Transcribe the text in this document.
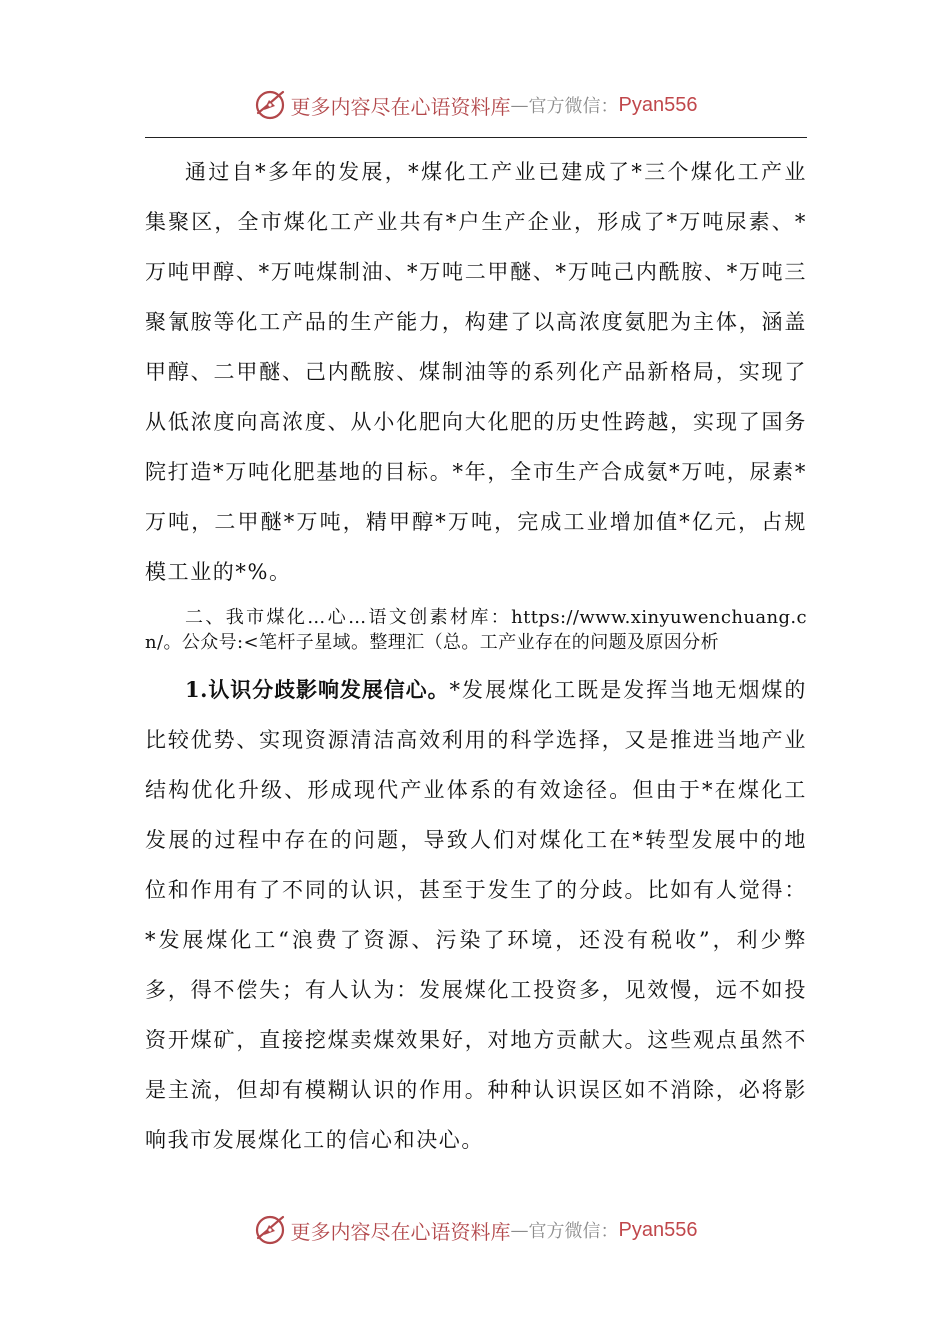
更多内容尽在心语资料库 — 官方微信： Pyan556

通过自*多年的发展，*煤化工产业已建成了*三个煤化工产业集聚区，全市煤化工产业共有*户生产企业，形成了*万吨尿素、*万吨甲醇、*万吨煤制油、*万吨二甲醚、*万吨己内酰胺、*万吨三聚氰胺等化工产品的生产能力，构建了以高浓度氨肥为主体，涵盖甲醇、二甲醚、己内酰胺、煤制油等的系列化产品新格局，实现了从低浓度向高浓度、从小化肥向大化肥的历史性跨越，实现了国务院打造*万吨化肥基地的目标。*年，全市生产合成氨*万吨，尿素*万吨，二甲醚*万吨，精甲醇*万吨，完成工业增加值*亿元，占规模工业的*%。

二、我市煤化…心…语文创素材库：https://www.xinyuwenchuang.cn/。公众号:<笔杆子星域。整理汇（总。工产业存在的问题及原因分析

1.认识分歧影响发展信心。*发展煤化工既是发挥当地无烟煤的比较优势、实现资源清洁高效利用的科学选择，又是推进当地产业结构优化升级、形成现代产业体系的有效途径。但由于*在煤化工发展的过程中存在的问题，导致人们对煤化工在*转型发展中的地位和作用有了不同的认识，甚至于发生了的分歧。比如有人觉得：*发展煤化工“浪费了资源、污染了环境，还没有税收”，利少弊多，得不偿失；有人认为：发展煤化工投资多，见效慢，远不如投资开煤矿，直接挖煤卖煤效果好，对地方贡献大。这些观点虽然不是主流，但却有模糊认识的作用。种种认识误区如不消除，必将影响我市发展煤化工的信心和决心。

更多内容尽在心语资料库 — 官方微信： Pyan556
